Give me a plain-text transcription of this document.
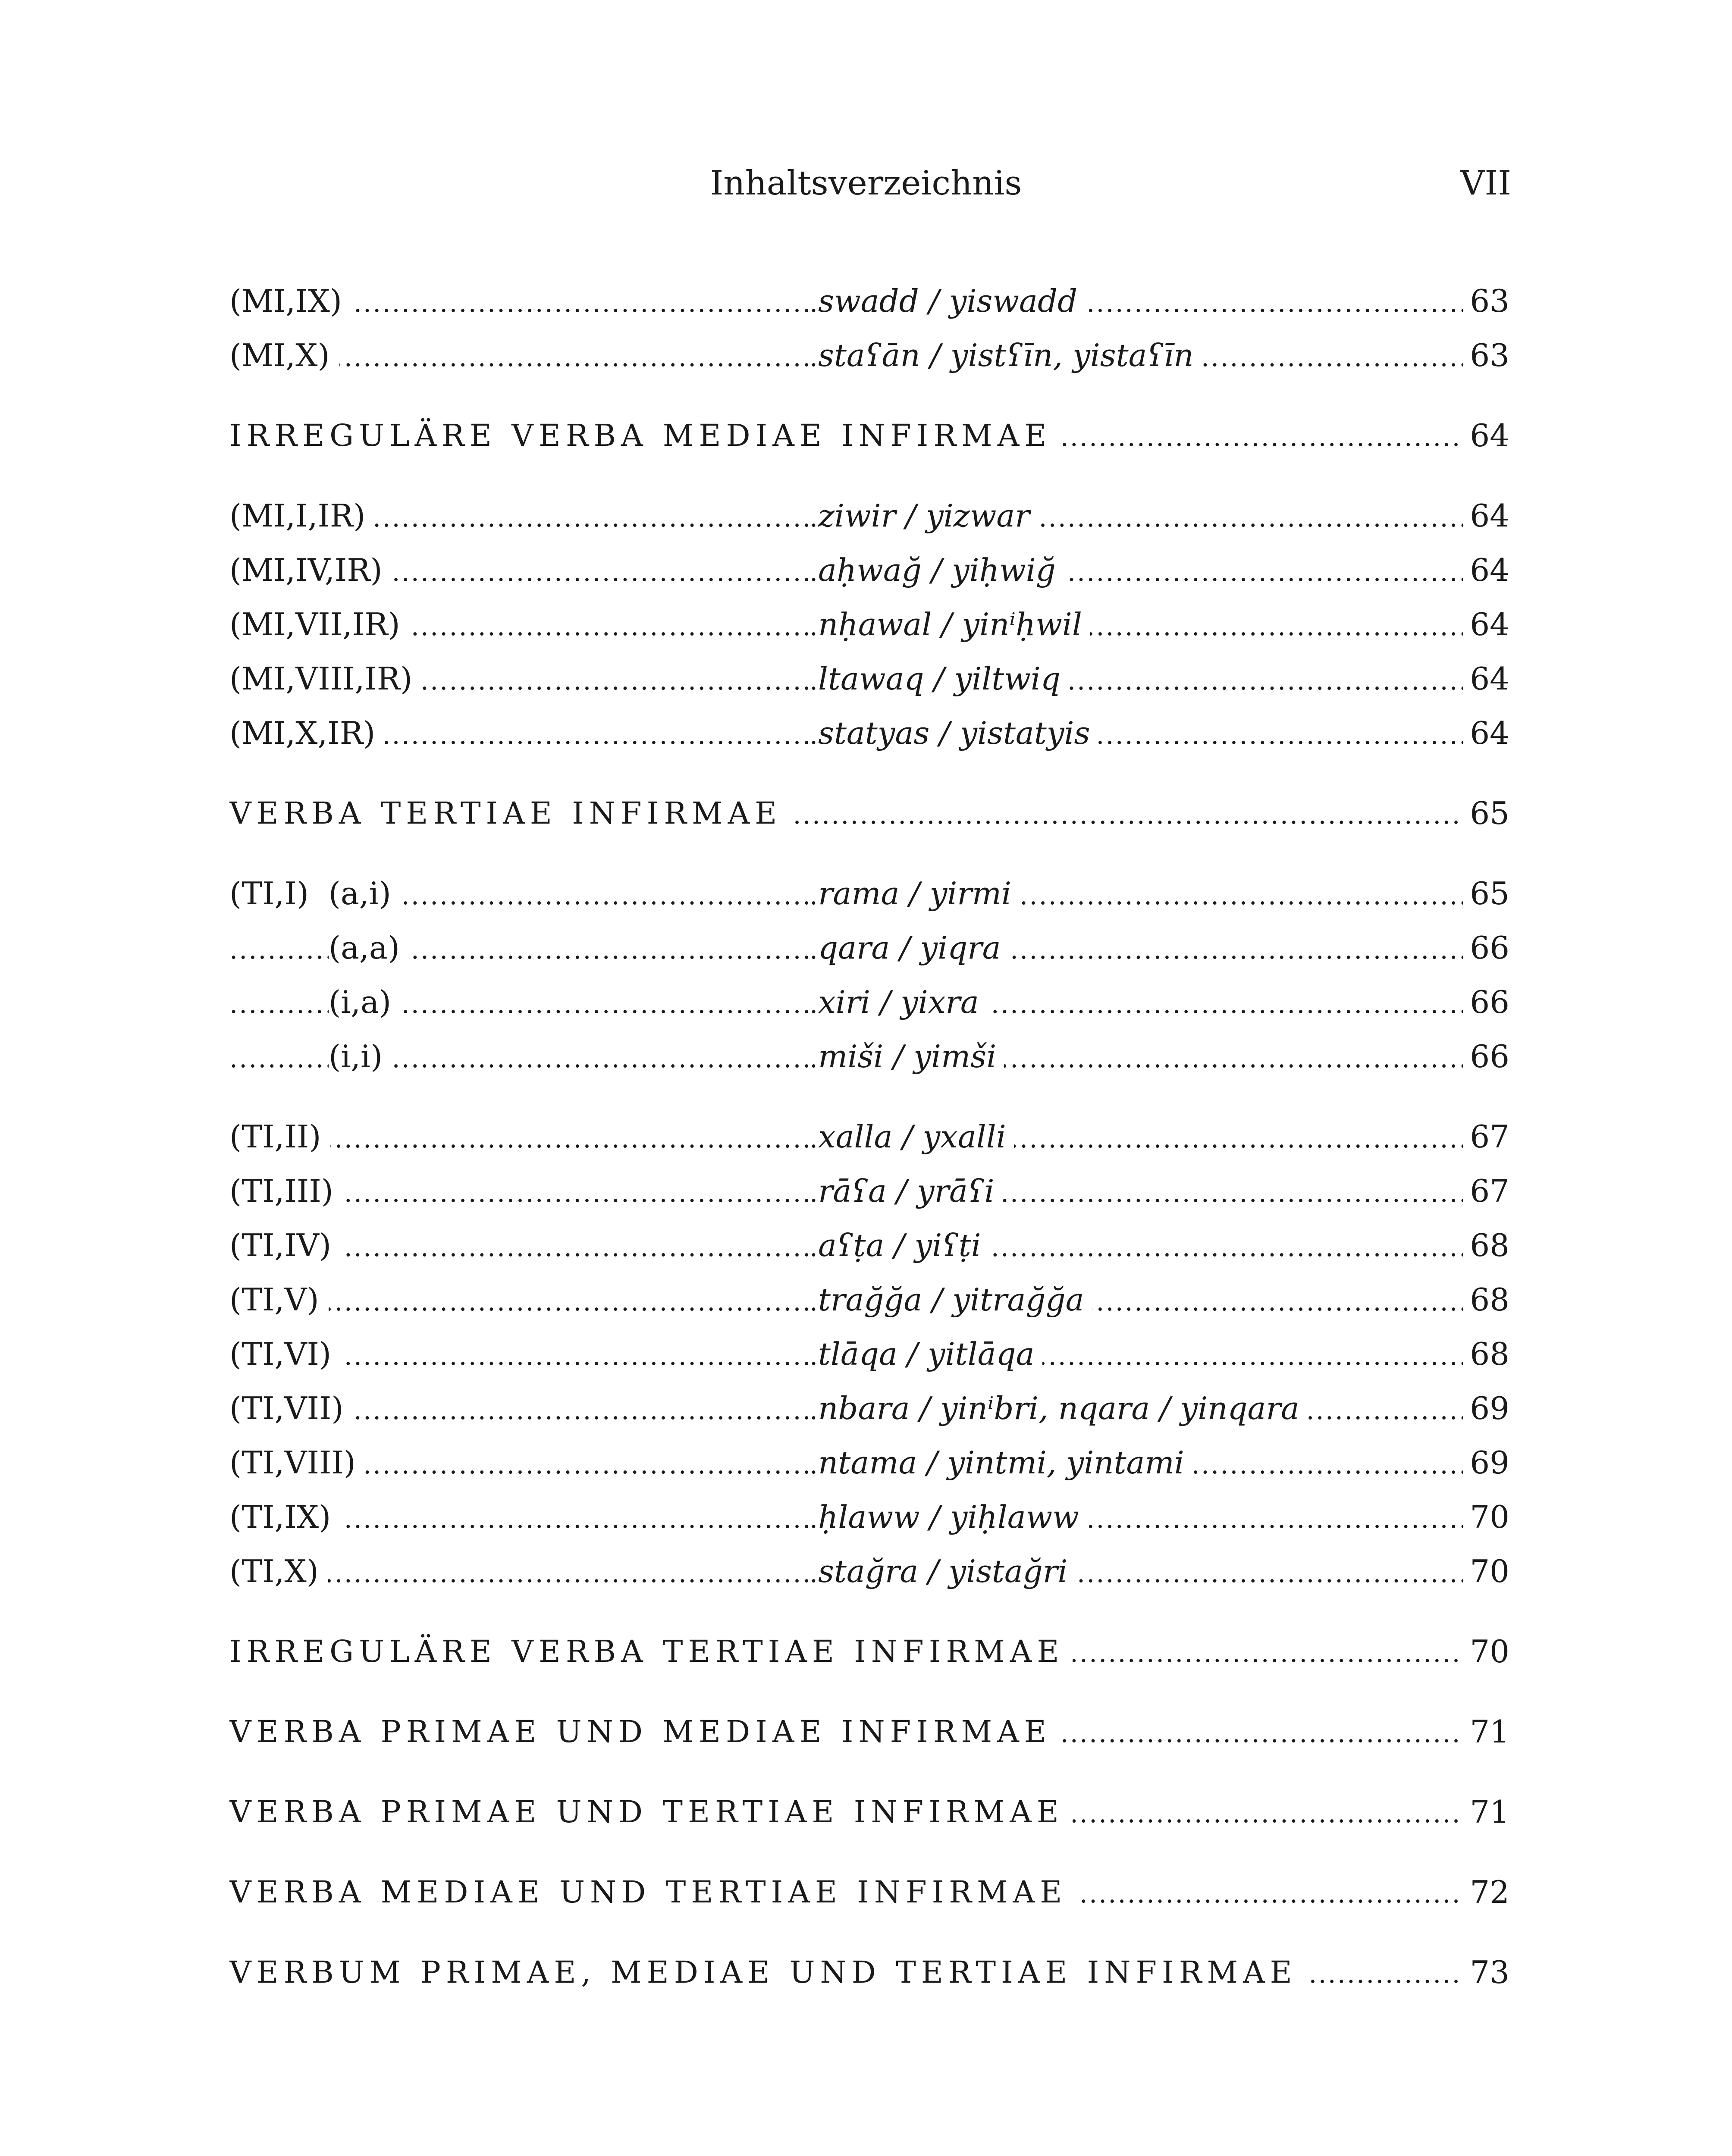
Inhaltsverzeichnis	VII
. . .
(MI,IX) . . .	swadd / yiswadd	63
. . .
(MI,X) . . .	staʕān / yistʕīn, yistaʕīn	63
. . .
IRREGULÄRE VERBA MEDIAE INFIRMAE	64
. . .
(MI,I,IR) . . .	ziwir / yizwar	64
. . .
(MI,IV,IR) . . .	aḥwağ / yiḥwiğ	64
. . .
(MI,VII,IR) . . .	nḥawal / yinⁱḥwil	64
. . .
(MI,VIII,IR) . . .	ltawaq / yiltwiq	64
. . .
(MI,X,IR) . . .	statyas / yistatyis	64
. . .
VERBA TERTIAE INFIRMAE	65
. . .
(TI,I)  (a,i) . . .	rama / yirmi	65
. . .
(a,a) . . .	qara / yiqra	66
. . .
(i,a) . . .	xiri / yixra	66
. . .
(i,i) . . .	miši / yimši	66
. . .
(TI,II) . . .	xalla / yxalli	67
. . .
(TI,III) . . .	rāʕa / yrāʕi	67
. . .
(TI,IV) . . .	aʕṭa / yiʕṭi	68
. . .
(TI,V) . . .	trağğa / yitrağğa	68
. . .
(TI,VI) . . .	tlāqa / yitlāqa	68
. . .
(TI,VII) . . .	nbara / yinⁱbri, nqara / yinqara	69
. . .
(TI,VIII) . . .	ntama / yintmi, yintami	69
. . .
(TI,IX) . . .	ḥlaww / yiḥlaww	70
. . .
(TI,X) . . .	stağra / yistağri	70
. . .
IRREGULÄRE VERBA TERTIAE INFIRMAE	70
. . .
VERBA PRIMAE UND MEDIAE INFIRMAE	71
. . .
VERBA PRIMAE UND TERTIAE INFIRMAE	71
. . .
VERBA MEDIAE UND TERTIAE INFIRMAE	72
. . .
VERBUM PRIMAE, MEDIAE UND TERTIAE INFIRMAE	73
